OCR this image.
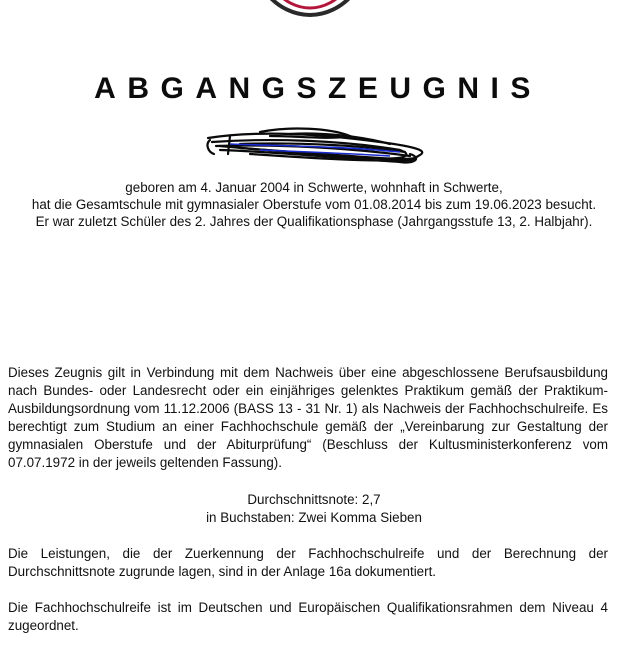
ABGANGSZEUGNIS
geboren am 4. Januar 2004 in Schwerte, wohnhaft in Schwerte,
hat die Gesamtschule mit gymnasialer Oberstufe vom 01.08.2014 bis zum 19.06.2023 besucht.
Er war zuletzt Schüler des 2. Jahres der Qualifikationsphase (Jahrgangsstufe 13, 2. Halbjahr).
Dieses Zeugnis gilt in Verbindung mit dem Nachweis über eine abgeschlossene Berufsausbildung nach Bundes- oder Landesrecht oder ein einjähriges gelenktes Praktikum gemäß der Praktikum-Ausbildungsordnung vom 11.12.2006 (BASS 13 - 31 Nr. 1) als Nachweis der Fachhochschulreife. Es berechtigt zum Studium an einer Fachhochschule gemäß der „Vereinbarung zur Gestaltung der gymnasialen Oberstufe und der Abiturprüfung“ (Beschluss der Kultusministerkonferenz vom 07.07.1972 in der jeweils geltenden Fassung).
Durchschnittsnote: 2,7
in Buchstaben: Zwei Komma Sieben
Die Leistungen, die der Zuerkennung der Fachhochschulreife und der Berechnung der Durchschnittsnote zugrunde lagen, sind in der Anlage 16a dokumentiert.
Die Fachhochschulreife ist im Deutschen und Europäischen Qualifikationsrahmen dem Niveau 4 zugeordnet.
